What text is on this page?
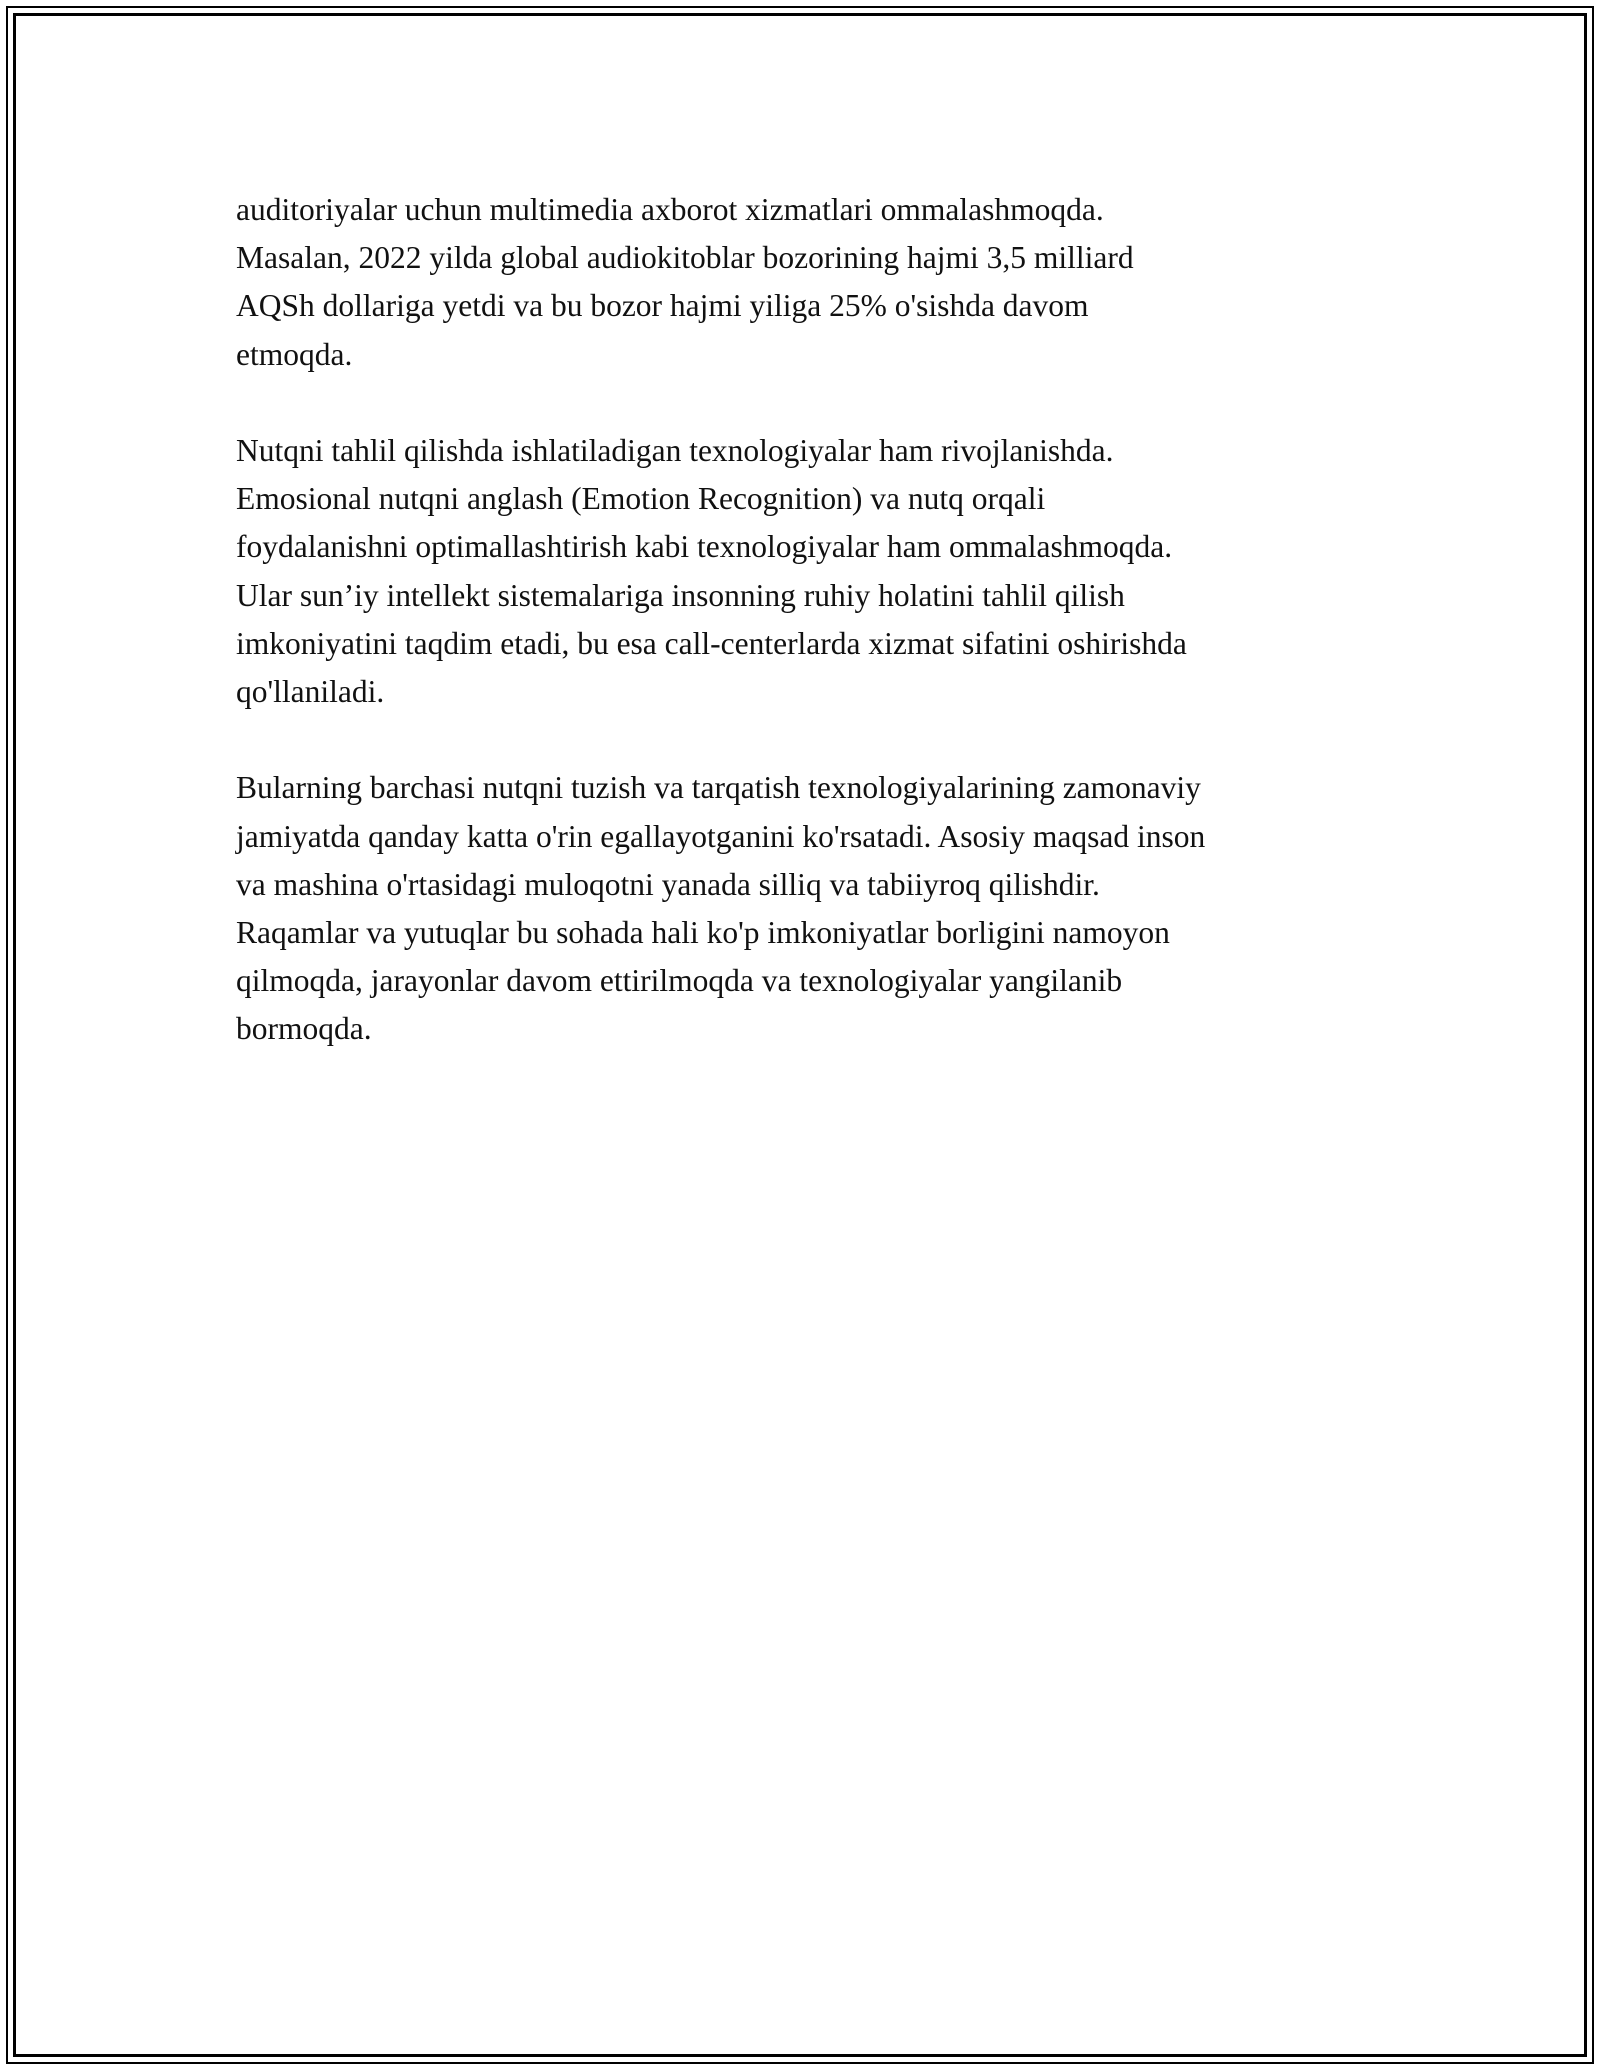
auditoriyalar uchun multimedia axborot xizmatlari ommalashmoqda.
Masalan, 2022 yilda global audiokitoblar bozorining hajmi 3,5 milliard
AQSh dollariga yetdi va bu bozor hajmi yiliga 25% o'sishda davom
etmoqda.

Nutqni tahlil qilishda ishlatiladigan texnologiyalar ham rivojlanishda.
Emosional nutqni anglash (Emotion Recognition) va nutq orqali
foydalanishni optimallashtirish kabi texnologiyalar ham ommalashmoqda.
Ular sun’iy intellekt sistemalariga insonning ruhiy holatini tahlil qilish
imkoniyatini taqdim etadi, bu esa call-centerlarda xizmat sifatini oshirishda
qo'llaniladi.

Bularning barchasi nutqni tuzish va tarqatish texnologiyalarining zamonaviy
jamiyatda qanday katta o'rin egallayotganini ko'rsatadi. Asosiy maqsad inson
va mashina o'rtasidagi muloqotni yanada silliq va tabiiyroq qilishdir.
Raqamlar va yutuqlar bu sohada hali ko'p imkoniyatlar borligini namoyon
qilmoqda, jarayonlar davom ettirilmoqda va texnologiyalar yangilanib
bormoqda.
